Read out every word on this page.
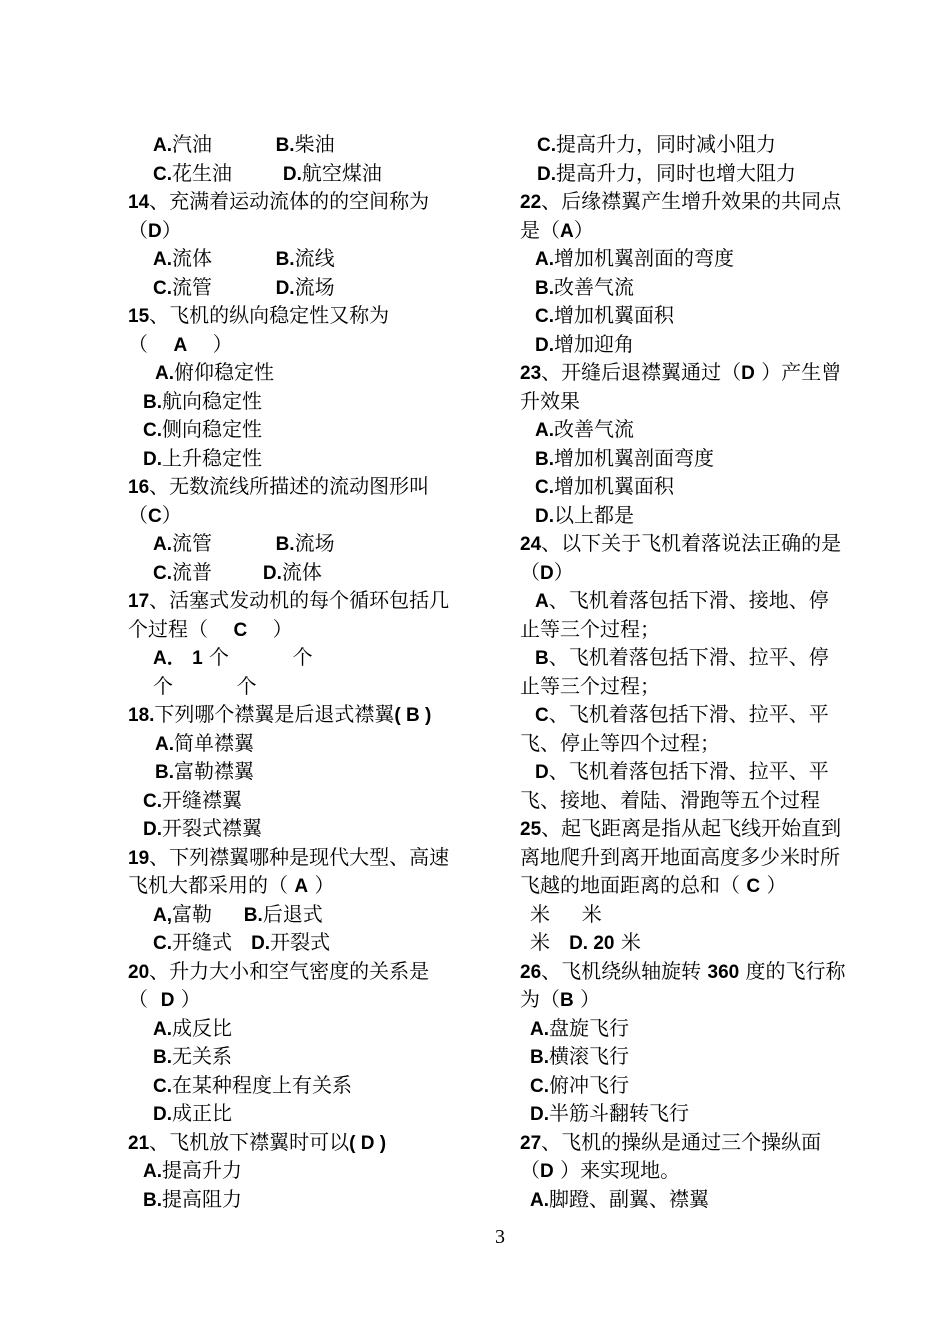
A.汽油          B.柴油
C.花生油        D.航空煤油
14、充满着运动流体的的空间称为
（D）
A.流体          B.流线
C.流管          D.流场
15、飞机的纵向稳定性又称为
（    A    ）
A.俯仰稳定性
B.航向稳定性
C.侧向稳定性
D.上升稳定性
16、无数流线所描述的流动图形叫
（C）
A.流管          B.流场
C.流普        D.流体
17、活塞式发动机的每个循环包括几
个过程（    C    ）
A． 1 个          个
个          个
18.下列哪个襟翼是后退式襟翼( B )
A.简单襟翼
B.富勒襟翼
C.开缝襟翼
D.开裂式襟翼
19、下列襟翼哪种是现代大型、高速
飞机大都采用的（ A ）
A,富勒     B.后退式
C.开缝式   D.开裂式
20、升力大小和空气密度的关系是
（  D ）
A.成反比
B.无关系
C.在某种程度上有关系
D.成正比
21、飞机放下襟翼时可以( D )
A.提高升力
B.提高阻力
C.提高升力，同时减小阻力
D.提高升力，同时也增大阻力
22、后缘襟翼产生增升效果的共同点
是（A）
A.增加机翼剖面的弯度
B.改善气流
C.增加机翼面积
D.增加迎角
23、开缝后退襟翼通过（D ）产生曾
升效果
A.改善气流
B.增加机翼剖面弯度
C.增加机翼面积
D.以上都是
24、以下关于飞机着落说法正确的是
（D）
A、飞机着落包括下滑、接地、停
止等三个过程；
B、飞机着落包括下滑、拉平、停
止等三个过程；
C、飞机着落包括下滑、拉平、平
飞、停止等四个过程；
D、飞机着落包括下滑、拉平、平
飞、接地、着陆、滑跑等五个过程
25、起飞距离是指从起飞线开始直到
离地爬升到离开地面高度多少米时所
飞越的地面距离的总和（ C ）
米     米
米   D. 20 米
26、飞机绕纵轴旋转 360 度的飞行称
为（B ）
A.盘旋飞行
B.横滚飞行
C.俯冲飞行
D.半筋斗翻转飞行
27、飞机的操纵是通过三个操纵面
（D ）来实现地。
A.脚蹬、副翼、襟翼
3
